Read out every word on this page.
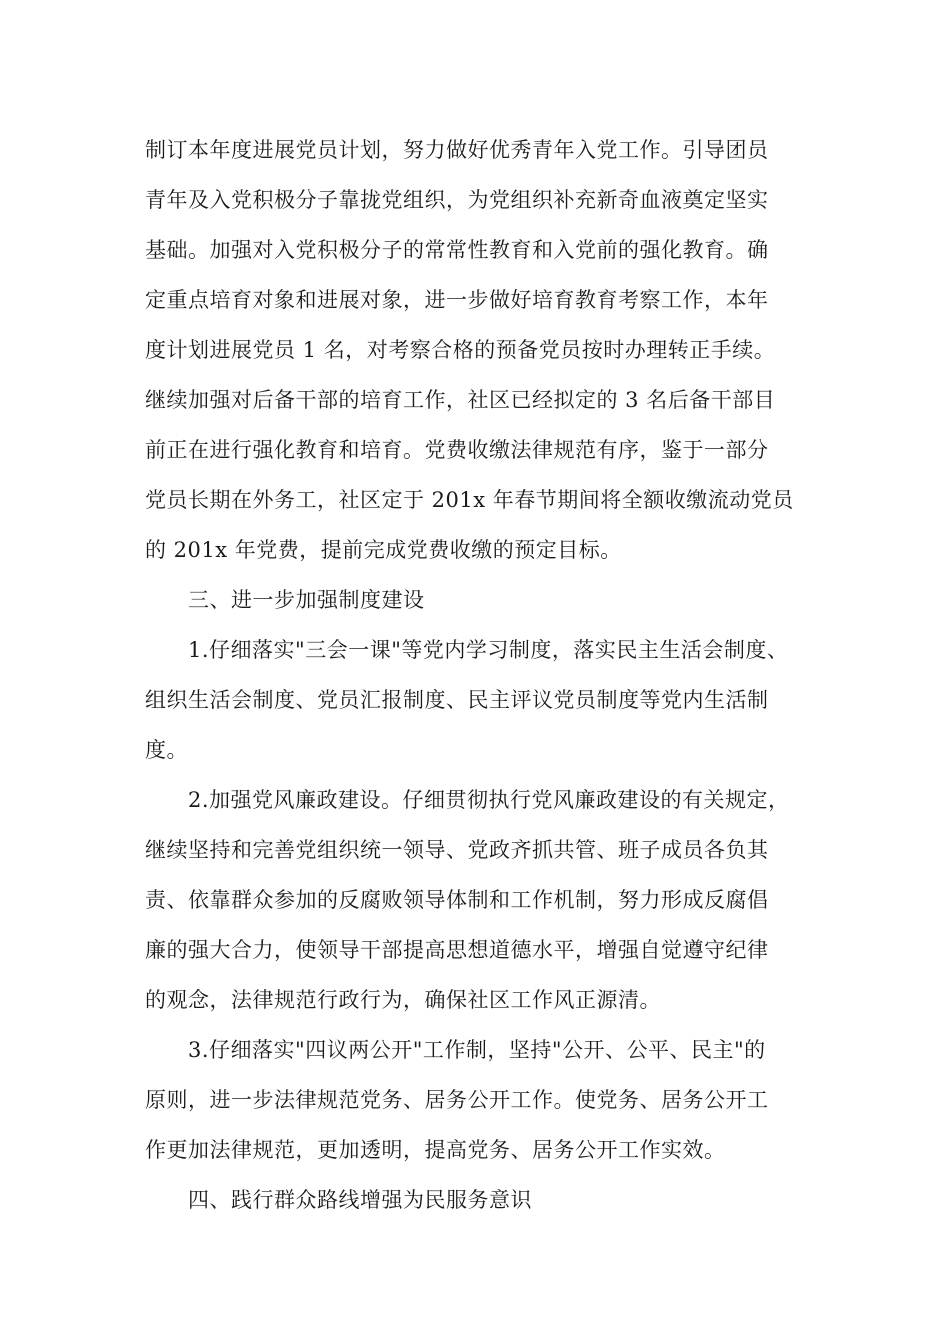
制订本年度进展党员计划，努力做好优秀青年入党工作。引导团员
青年及入党积极分子靠拢党组织，为党组织补充新奇血液奠定坚实
基础。加强对入党积极分子的常常性教育和入党前的强化教育。确
定重点培育对象和进展对象，进一步做好培育教育考察工作，本年
度计划进展党员 1 名，对考察合格的预备党员按时办理转正手续。
继续加强对后备干部的培育工作，社区已经拟定的 3 名后备干部目
前正在进行强化教育和培育。党费收缴法律规范有序，鉴于一部分
党员长期在外务工，社区定于 201x 年春节期间将全额收缴流动党员
的 201x 年党费，提前完成党费收缴的预定目标。
三、进一步加强制度建设
1.仔细落实"三会一课"等党内学习制度，落实民主生活会制度、
组织生活会制度、党员汇报制度、民主评议党员制度等党内生活制
度。
2.加强党风廉政建设。仔细贯彻执行党风廉政建设的有关规定，
继续坚持和完善党组织统一领导、党政齐抓共管、班子成员各负其
责、依靠群众参加的反腐败领导体制和工作机制，努力形成反腐倡
廉的强大合力，使领导干部提高思想道德水平，增强自觉遵守纪律
的观念，法律规范行政行为，确保社区工作风正源清。
3.仔细落实"四议两公开"工作制，坚持"公开、公平、民主"的
原则，进一步法律规范党务、居务公开工作。使党务、居务公开工
作更加法律规范，更加透明，提高党务、居务公开工作实效。
四、践行群众路线增强为民服务意识
